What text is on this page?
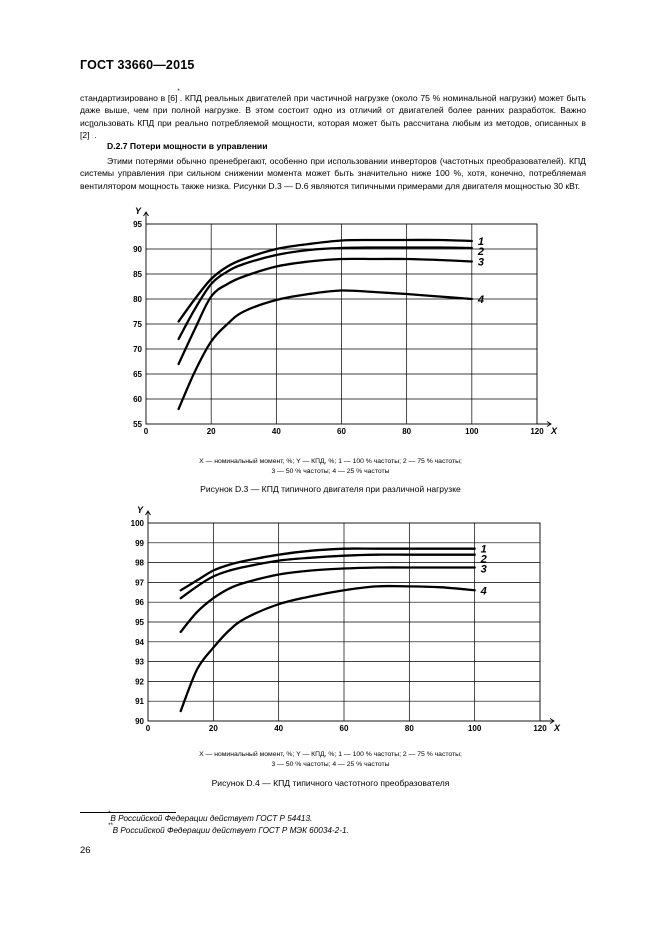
ГОСТ 33660—2015

стандартизировано в [6]*. КПД реальных двигателей при частичной нагрузке (около 75 % номинальной нагрузки) может быть даже выше, чем при полной нагрузке. В этом состоит одно из отличий от двигателей более ранних разработок. Важно использовать КПД при реально потребляемой мощности, которая может быть рассчитана любым из методов, описанных в [2]**.

D.2.7 Потери мощности в управлении

Этими потерями обычно пренебрегают, особенно при использовании инверторов (частотных преобразователей). КПД системы управления при сильном снижении момента может быть значительно ниже 100 %, хотя, конечно, потребляемая вентилятором мощность также низка. Рисунки D.3 — D.6 являются типичными примерами для двигателя мощностью 30 кВт.

0	20	40	60	80	100	120
55
60
65
70
75
80
85
90
95
X
Y
1
2
3
4
X — номинальный момент, %; Y — КПД, %; 1 — 100 % частоты; 2 — 75 % частоты;
3 — 50 % частоты; 4 — 25 % частоты
Рисунок D.3 — КПД типичного двигателя при различной нагрузке
0	20	40	60	80	100	120
90
91
92
93
94
95
96
97
98
99
100
X
Y
1
2
3
4
X — номинальный момент, %; Y — КПД, %; 1 — 100 % частоты; 2 — 75 % частоты;
3 — 50 % частоты; 4 — 25 % частоты
Рисунок D.4 — КПД типичного частотного преобразователя
*В Российской Федерации действует ГОСТ Р 54413.
**В Российской Федерации действует ГОСТ Р МЭК 60034-2-1.
26
